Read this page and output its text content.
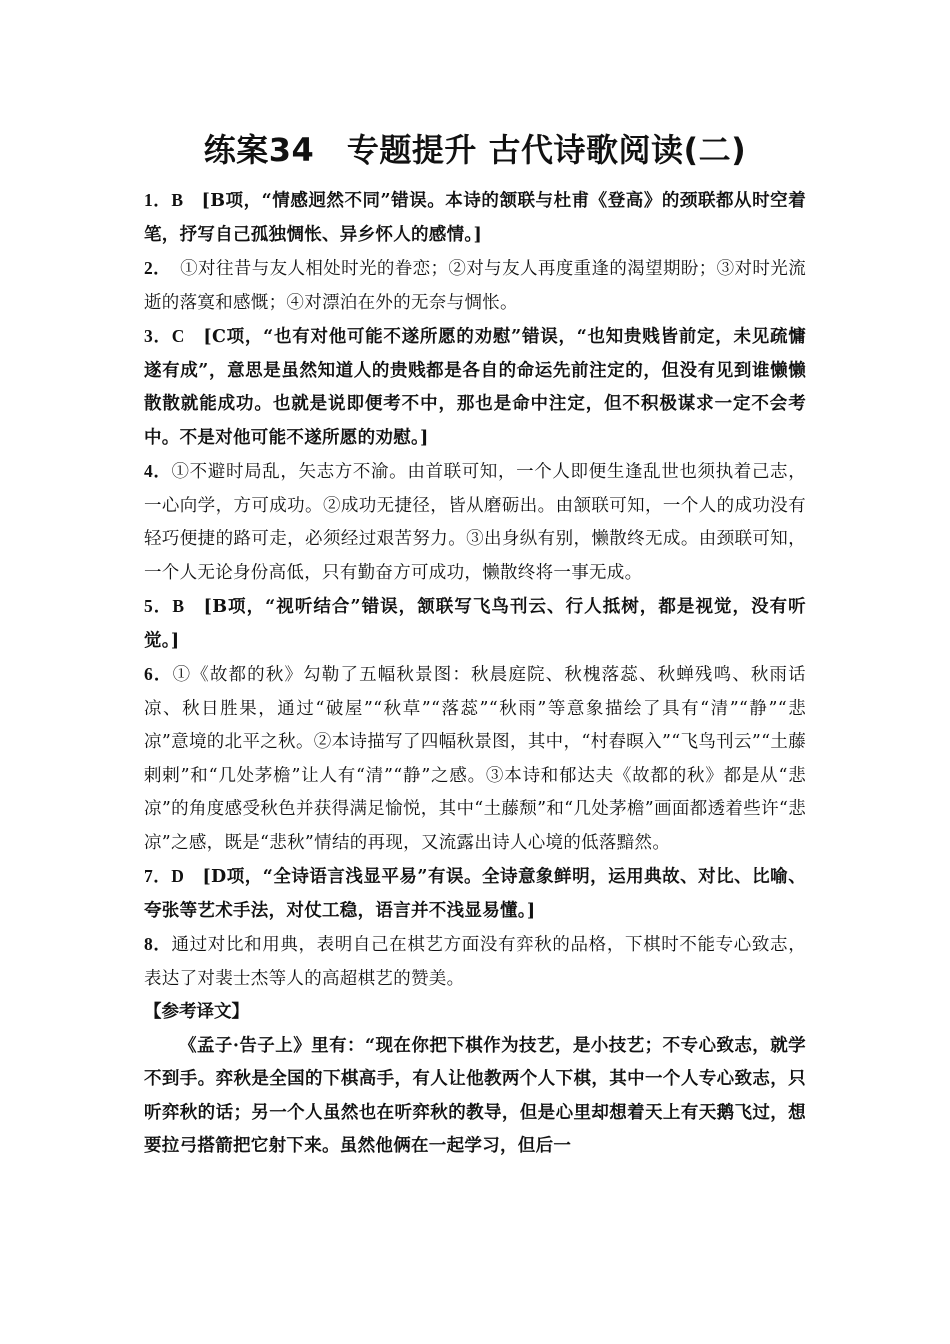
练案34　专题提升 古代诗歌阅读(二)

1．B　 [B项，“情感迥然不同”错误。本诗的颔联与杜甫《登高》的颈联都从时空着笔，抒写自己孤独惆怅、异乡怀人的感情。]

2．　 ①对往昔与友人相处时光的眷恋；②对与友人再度重逢的渴望期盼；③对时光流逝的落寞和感慨；④对漂泊在外的无奈与惆怅。

3．C　 [C项，“也有对他可能不遂所愿的劝慰”错误，“也知贵贱皆前定，未见疏慵遂有成”，意思是虽然知道人的贵贱都是各自的命运先前注定的，但没有见到谁懒懒散散就能成功。也就是说即便考不中，那也是命中注定，但不积极谋求一定不会考中。不是对他可能不遂所愿的劝慰。]

4．①不避时局乱，矢志方不渝。由首联可知，一个人即便生逢乱世也须执着己志，一心向学，方可成功。②成功无捷径，皆从磨砺出。由颔联可知，一个人的成功没有轻巧便捷的路可走，必须经过艰苦努力。③出身纵有别，懒散终无成。由颈联可知，一个人无论身份高低，只有勤奋方可成功，懒散终将一事无成。

5．B　 [B项，“视听结合”错误，颔联写飞鸟刊云、行人抵树，都是视觉，没有听觉。]

6．①《故都的秋》勾勒了五幅秋景图：秋晨庭院、秋槐落蕊、秋蝉残鸣、秋雨话凉、秋日胜果，通过“破屋”“秋草”“落蕊”“秋雨”等意象描绘了具有“清”“静”“悲凉”意境的北平之秋。②本诗描写了四幅秋景图，其中，“村舂暝入”“飞鸟刊云”“土藤剌剌”和“几处茅檐”让人有“清”“静”之感。③本诗和郁达夫《故都的秋》都是从“悲凉”的角度感受秋色并获得满足愉悦，其中“土藤颓”和“几处茅檐”画面都透着些许“悲凉”之感，既是“悲秋”情结的再现，又流露出诗人心境的低落黯然。

7．D　 [D项，“全诗语言浅显平易”有误。全诗意象鲜明，运用典故、对比、比喻、夸张等艺术手法，对仗工稳，语言并不浅显易懂。]

8．通过对比和用典，表明自己在棋艺方面没有弈秋的品格，下棋时不能专心致志，表达了对裴士杰等人的高超棋艺的赞美。

【参考译文】

《孟子·告子上》里有：“现在你把下棋作为技艺，是小技艺；不专心致志，就学不到手。弈秋是全国的下棋高手，有人让他教两个人下棋，其中一个人专心致志，只听弈秋的话；另一个人虽然也在听弈秋的教导，但是心里却想着天上有天鹅飞过，想要拉弓搭箭把它射下来。虽然他俩在一起学习，但后一
